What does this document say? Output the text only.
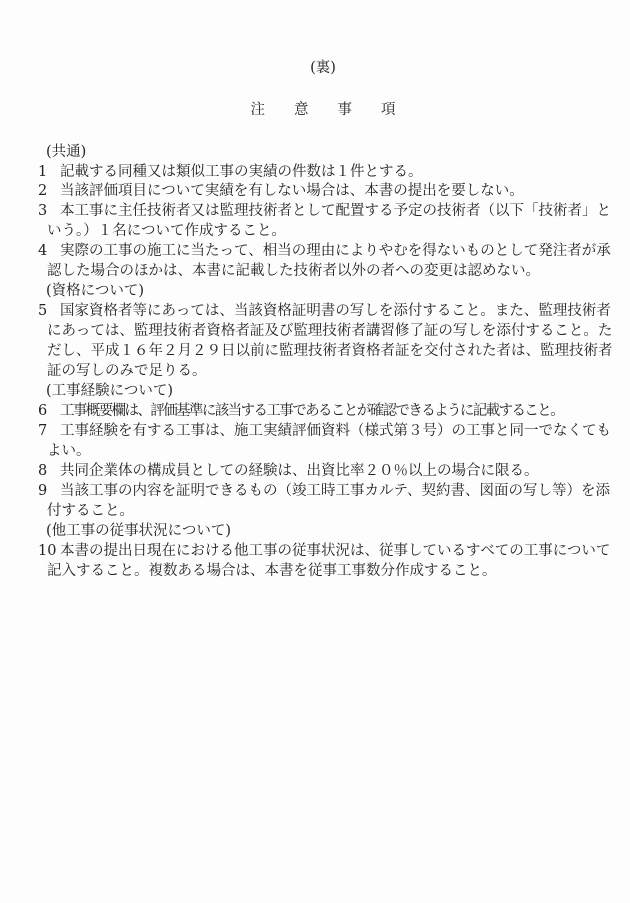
(裏)
注　　意　　事　　項
(共通)
1 記載する同種又は類似工事の実績の件数は１件とする。
2 当該評価項目について実績を有しない場合は、本書の提出を要しない。
3 本工事に主任技術者又は監理技術者として配置する予定の技術者（以下「技術者」と
いう。）１名について作成すること。
4 実際の工事の施工に当たって、相当の理由によりやむを得ないものとして発注者が承
認した場合のほかは、本書に記載した技術者以外の者への変更は認めない。
(資格について)
5 国家資格者等にあっては、当該資格証明書の写しを添付すること。また、監理技術者
にあっては、監理技術者資格者証及び監理技術者講習修了証の写しを添付すること。た
だし、平成１６年２月２９日以前に監理技術者資格者証を交付された者は、監理技術者
証の写しのみで足りる。
(工事経験について)
6 工事概要欄は、評価基準に該当する工事であることが確認できるように記載すること。
7 工事経験を有する工事は、施工実績評価資料（様式第３号）の工事と同一でなくても
よい。
8 共同企業体の構成員としての経験は、出資比率２０％以上の場合に限る。
9 当該工事の内容を証明できるもの（竣工時工事カルテ、契約書、図面の写し等）を添
付すること。
(他工事の従事状況について)
10 本書の提出日現在における他工事の従事状況は、従事しているすべての工事について
記入すること。複数ある場合は、本書を従事工事数分作成すること。
